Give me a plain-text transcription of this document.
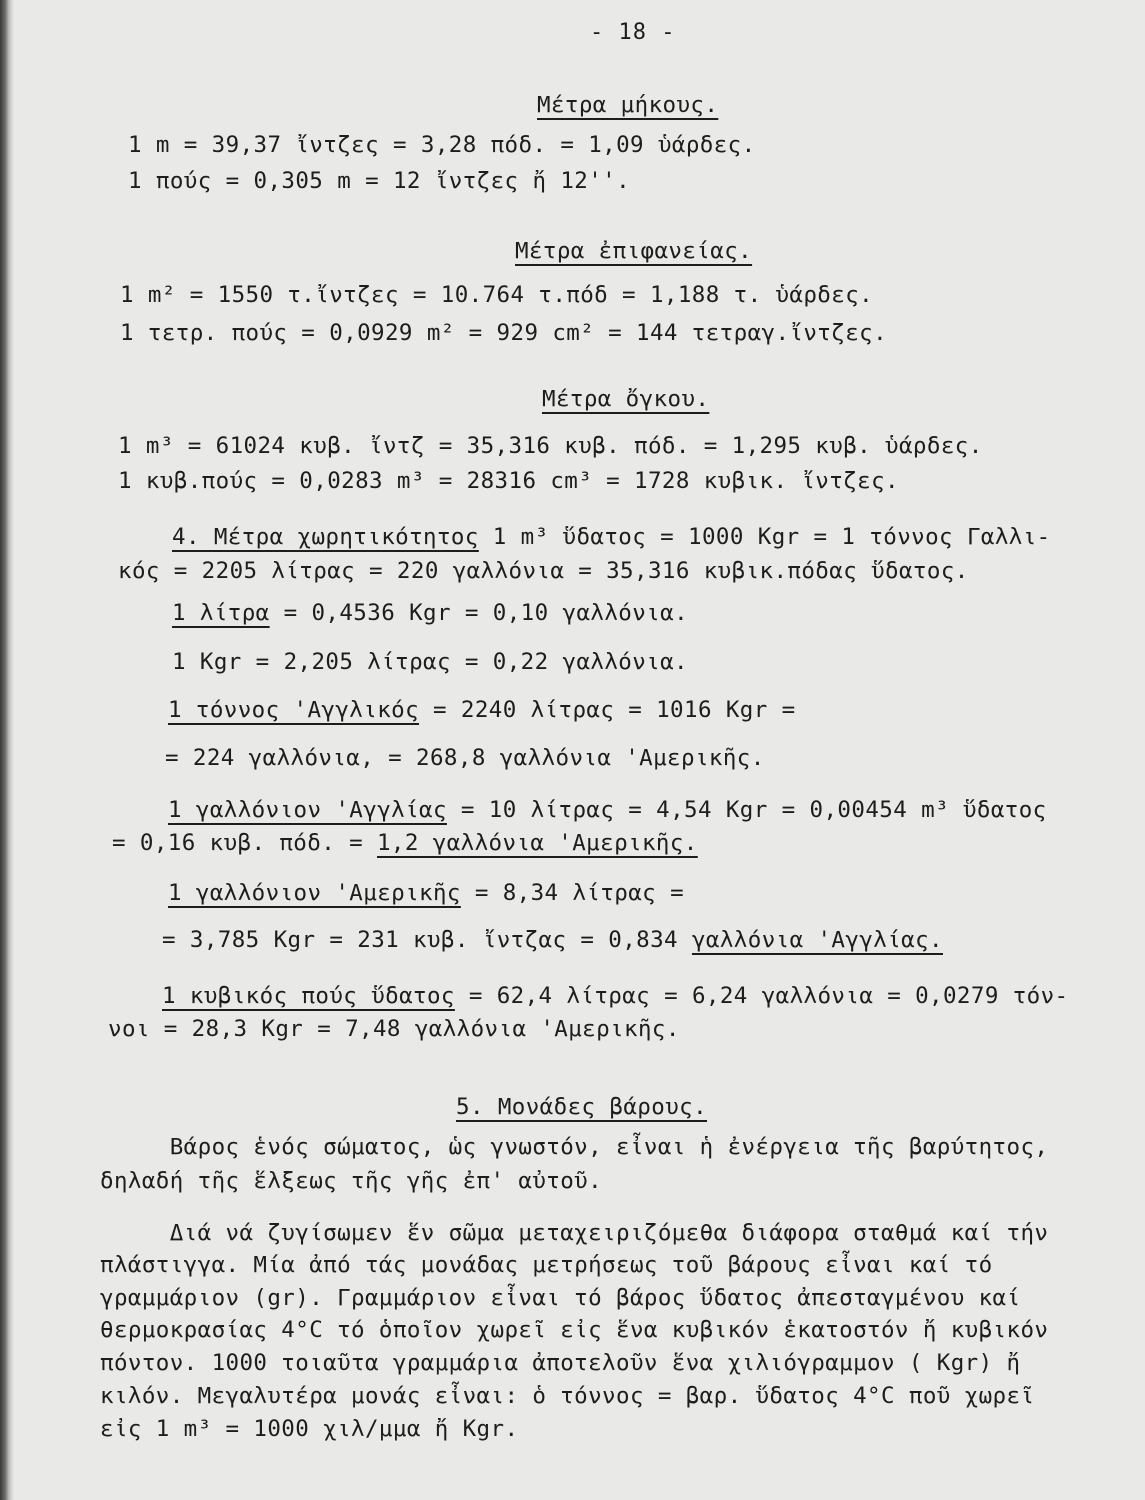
- 18 -
Μέτρα μήκους.
1 m = 39,37 ἴντζες = 3,28 πόδ. = 1,09 ὑάρδες.
1 πούς = 0,305 m = 12 ἴντζες ἤ 12''.
Μέτρα ἐπιφανείας.
1 m² = 1550 τ.ἴντζες = 10.764 τ.πόδ = 1,188 τ. ὑάρδες.
1 τετρ. πούς = 0,0929 m² = 929 cm² = 144 τετραγ.ἴντζες.
Μέτρα ὄγκου.
1 m³ = 61024 κυβ. ἴντζ = 35,316 κυβ. πόδ. = 1,295 κυβ. ὑάρδες.
1 κυβ.πούς = 0,0283 m³ = 28316 cm³ = 1728 κυβικ. ἴντζες.
4. Μέτρα χωρητικότητος 1 m³ ὕδατος = 1000 Kgr = 1 τόννος Γαλλι-
κός = 2205 λίτρας = 220 γαλλόνια = 35,316 κυβικ.πόδας ὕδατος.
1 λίτρα = 0,4536 Kgr = 0,10 γαλλόνια.
1 Kgr = 2,205 λίτρας = 0,22 γαλλόνια.
1 τόννος 'Αγγλικός = 2240 λίτρας = 1016 Kgr =
= 224 γαλλόνια, = 268,8 γαλλόνια 'Αμερικῆς.
1 γαλλόνιον 'Αγγλίας = 10 λίτρας = 4,54 Kgr = 0,00454 m³ ὕδατος
= 0,16 κυβ. πόδ. = 1,2 γαλλόνια 'Αμερικῆς.
1 γαλλόνιον 'Αμερικῆς = 8,34 λίτρας =
= 3,785 Kgr = 231 κυβ. ἴντζας = 0,834 γαλλόνια 'Αγγλίας.
1 κυβικός πούς ὕδατος = 62,4 λίτρας = 6,24 γαλλόνια = 0,0279 τόν-
νοι = 28,3 Kgr = 7,48 γαλλόνια 'Αμερικῆς.
5. Μονάδες βάρους.
Βάρος ἑνός σώματος, ὡς γνωστόν, εἶναι ἡ ἐνέργεια τῆς βαρύτητος,
δηλαδή τῆς ἕλξεως τῆς γῆς ἐπ' αὐτοῦ.
Διά νά ζυγίσωμεν ἕν σῶμα μεταχειριζόμεθα διάφορα σταθμά καί τήν
πλάστιγγα. Μία ἀπό τάς μονάδας μετρήσεως τοῦ βάρους εἶναι καί τό
γραμμάριον (gr). Γραμμάριον εἶναι τό βάρος ὕδατος ἀπεσταγμένου καί
θερμοκρασίας 4°C τό ὁποῖον χωρεῖ εἰς ἕνα κυβικόν ἑκατοστόν ἤ κυβικόν
πόντον. 1000 τοιαῦτα γραμμάρια ἀποτελοῦν ἕνα χιλιόγραμμον ( Kgr) ἤ
κιλόν. Μεγαλυτέρα μονάς εἶναι: ὁ τόννος = βαρ. ὕδατος 4°C ποῦ χωρεῖ
εἰς 1 m³ = 1000 χιλ/μμα ἤ Kgr.
